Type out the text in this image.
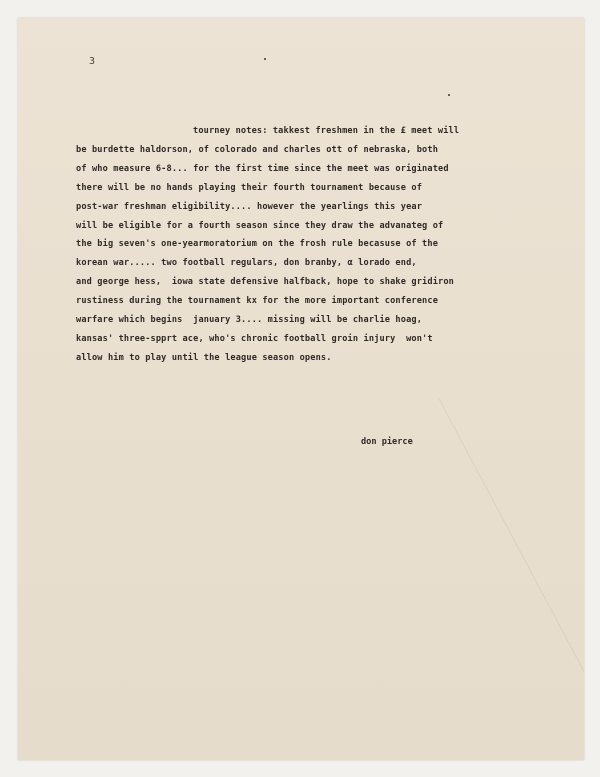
3

tourney notes: takkest freshmen in the £ meet will
be burdette haldorson, of colorado and charles ott of nebraska, both
of who measure 6-8... for the first time since the meet was originated
there will be no hands playing their fourth tournament because of
post-war freshman eligibility.... however the yearlings this year
will be eligible for a fourth season since they draw the advanateg of
the big seven's one-yearmoratorium on the frosh rule becasuse of the
korean war..... two football regulars, don branby, α lorado end,
and george hess,  iowa state defensive halfback, hope to shake gridiron
rustiness during the tournament kx for the more important conference
warfare which begins  january 3.... missing will be charlie hoag,
kansas' three-spprt ace, who's chronic football groin injury  won't
allow him to play until the league season opens.

don pierce
